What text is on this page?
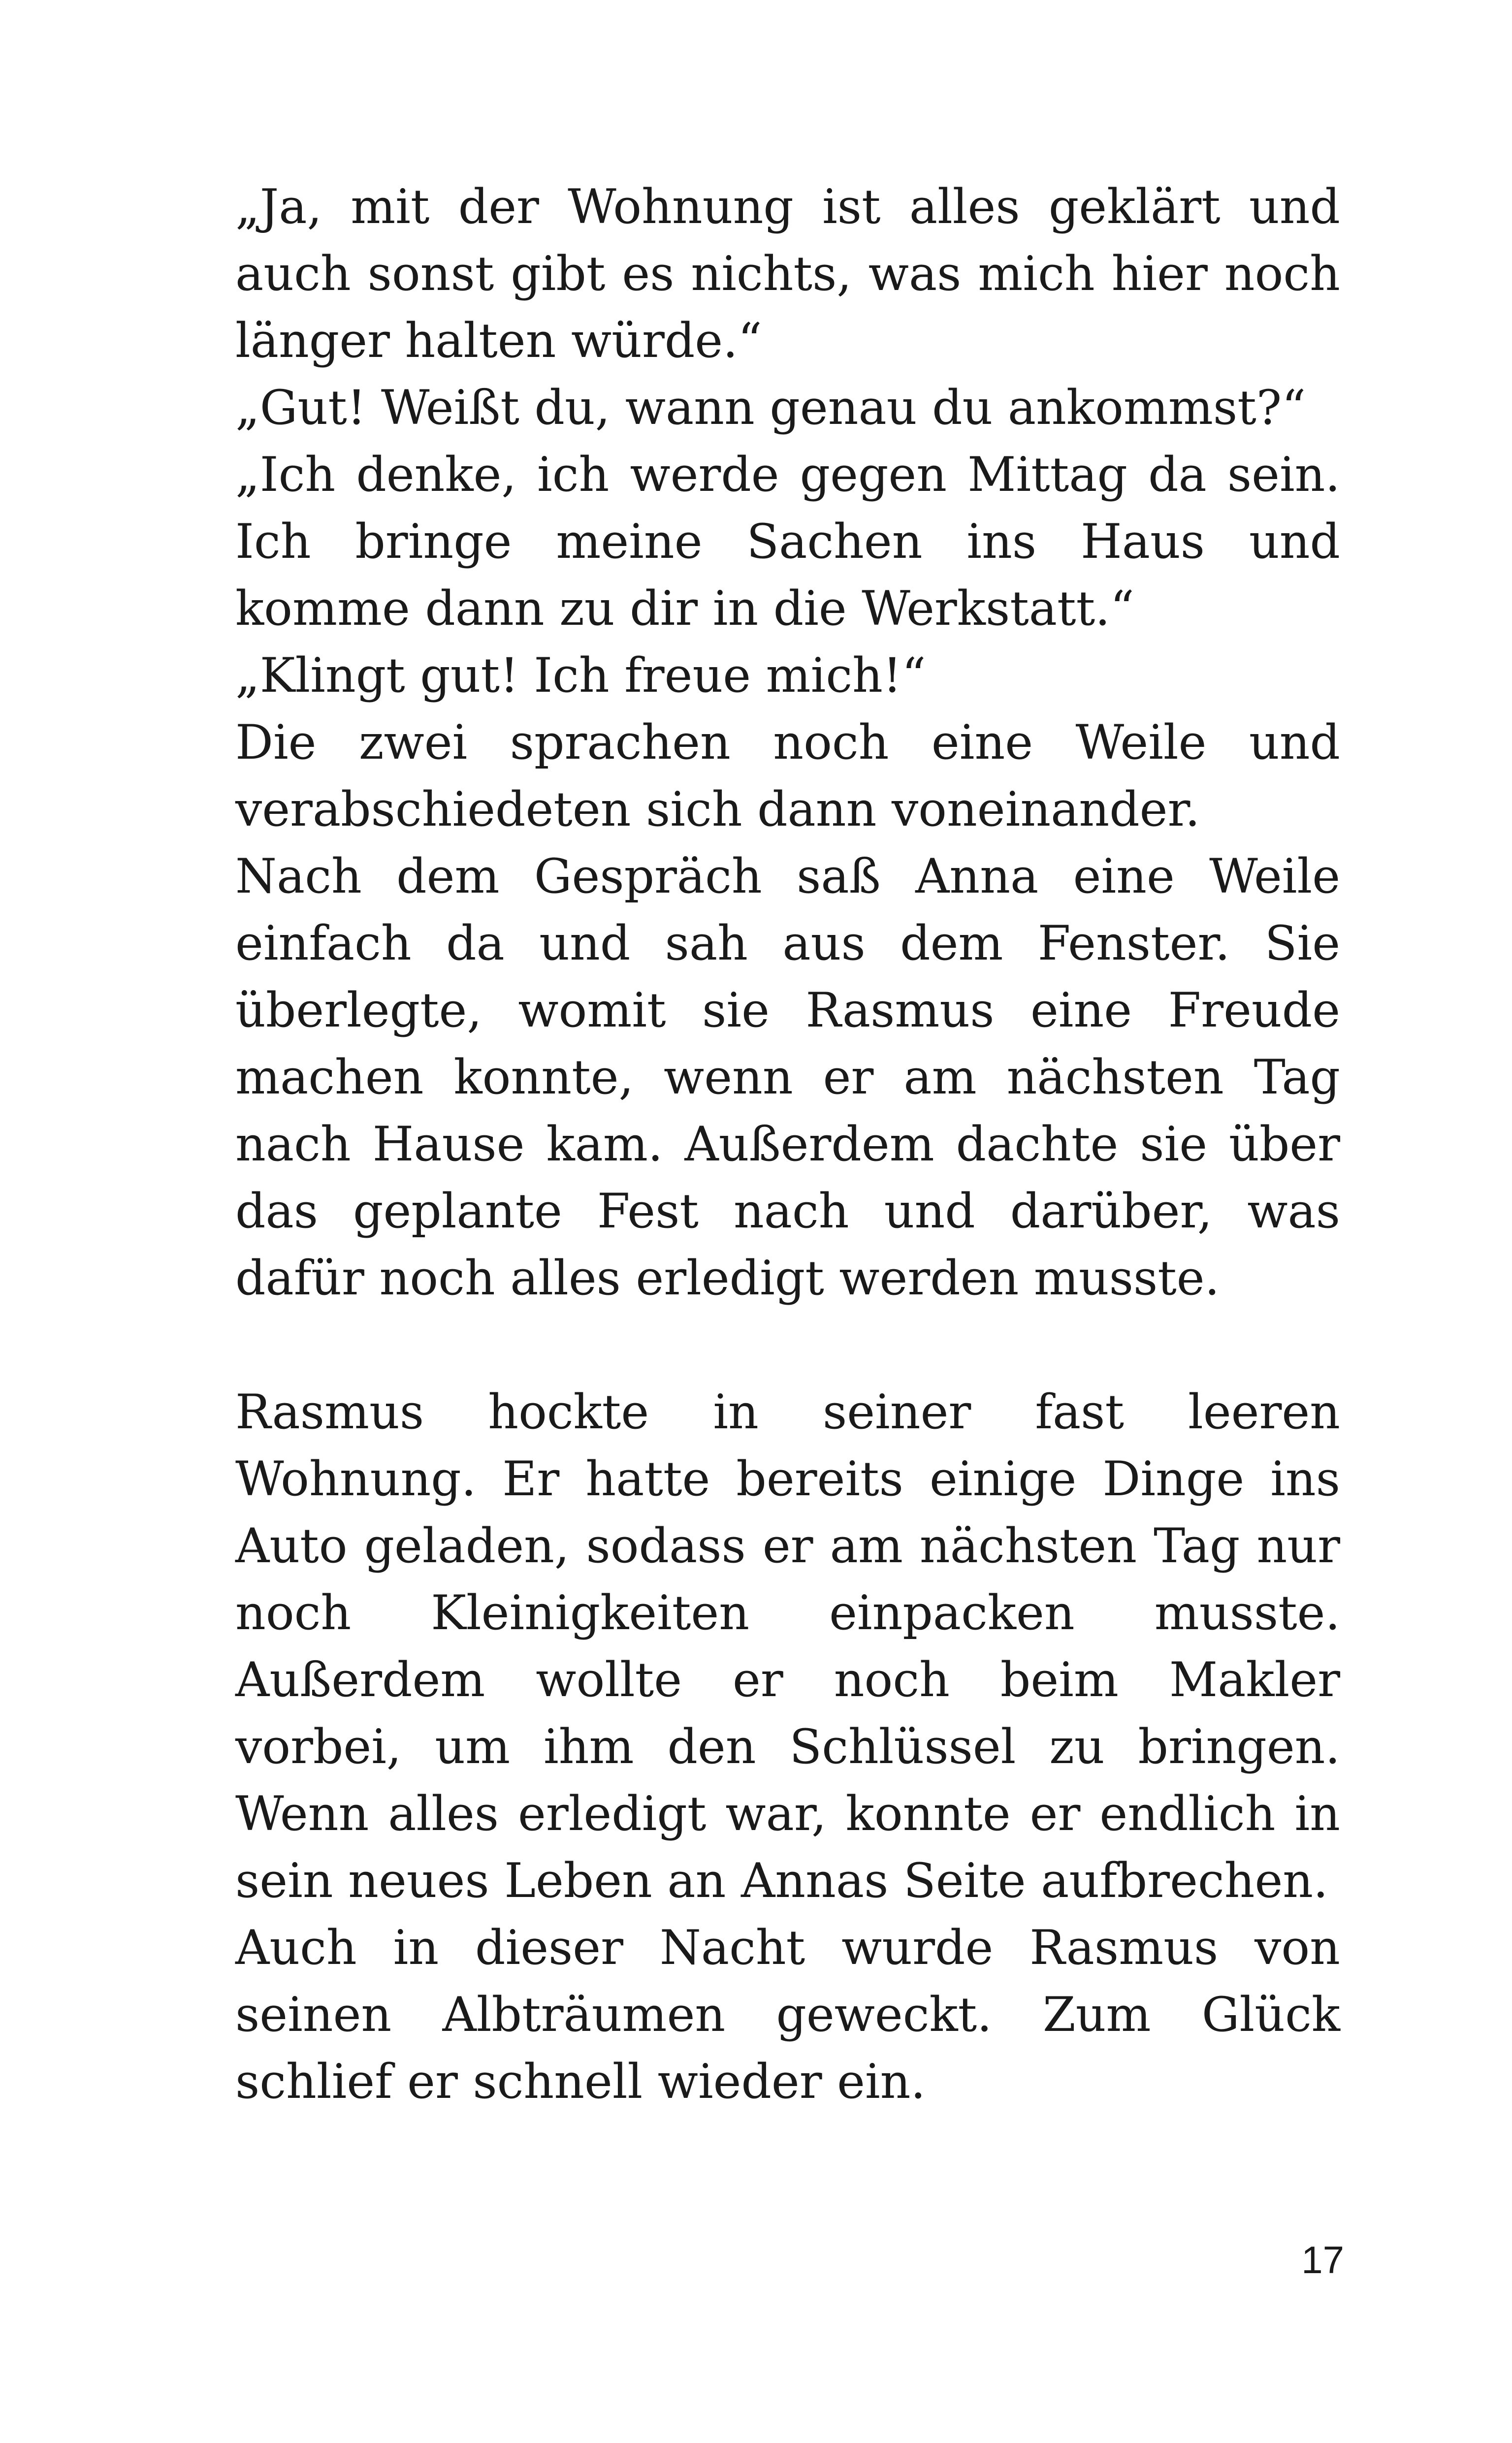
„Ja, mit der Wohnung ist alles geklärt und auch sonst gibt es nichts, was mich hier noch länger halten würde.“

„Gut! Weißt du, wann genau du ankommst?“

„Ich denke, ich werde gegen Mittag da sein. Ich bringe meine Sachen ins Haus und komme dann zu dir in die Werkstatt.“

„Klingt gut! Ich freue mich!“

Die zwei sprachen noch eine Weile und verabschiedeten sich dann voneinander.

Nach dem Gespräch saß Anna eine Weile einfach da und sah aus dem Fenster. Sie überlegte, womit sie Rasmus eine Freude machen konnte, wenn er am nächsten Tag nach Hause kam. Außerdem dachte sie über das geplante Fest nach und darüber, was dafür noch alles erledigt werden musste.

Rasmus hockte in seiner fast leeren Wohnung. Er hatte bereits einige Dinge ins Auto geladen, sodass er am nächsten Tag nur noch Kleinigkeiten einpacken musste. Außerdem wollte er noch beim Makler vorbei, um ihm den Schlüssel zu bringen. Wenn alles erledigt war, konnte er endlich in sein neues Leben an Annas Seite aufbrechen.

Auch in dieser Nacht wurde Rasmus von seinen Albträumen geweckt. Zum Glück schlief er schnell wieder ein.

17
